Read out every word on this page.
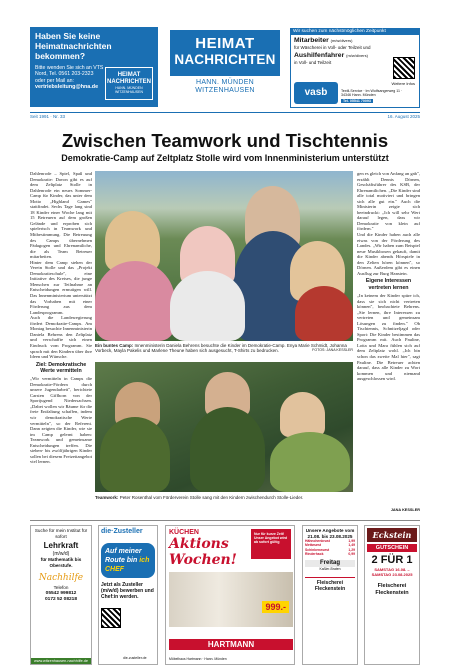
Haben Sie keine Heimatnachrichten bekommen?
Bitte wenden Sie sich an VTS Nord, Tel. 0561 203-2323 oder per Mail an:
vertriebsleitung@hna.de
HEIMAT NACHRICHTEN
HANN. MÜNDEN WITZENHAUSEN
HEIMAT
NACHRICHTEN
HANN. MÜNDEN WITZENHAUSEN
Wir suchen zum nächstmöglichen Zeitpunkt
Mitarbeiter (m/w/divers)
für Wäscherei in Voll- oder Teilzeit und
Aushilfenfahrer (m/w/divers)
in Voll- und Teilzeit
Weitere Infos
vasb	Textil-Service · Im Wolfsangerweg 11 · 34346 Hann. Münden
Tel. 05541 70093
Seit 1991 · Nr. 33	16. August 2025
Zwischen Teamwork und Tischtennis
Demokratie-Camp auf Zeltplatz Stolle wird vom Innenministerium unterstützt

Dahlenrode – Spiel, Spaß und Demokratie: Davon gibt es auf dem Zeltplatz Stolle in Dahlenrode ein neues Sommer-Camp für Kinder, das unter dem Motto „Highland Games" stattfindet. Sechs Tage lang sind 18 Kinder einer Woche lang mit 15 Betreuern auf dem großen Gelände und erproben sich spielerisch in Teamwork und Mitbestimmung. Die Betreuung des Camps übernehmen Pädagogen und Ehrenamtliche, die als Team Betreuer mitarbeiten.

Hinter dem Camp stehen der Verein Stolle und das „Projekt Demokratieschule", eine Initiative des Kreises, die junge Menschen zur Teilnahme an Entscheidungen ermutigen will. Das Innenministerium unterstützt das Vorhaben mit einer Förderung aus dem Landesprogramm.

Auch die Landesregierung fördert Demokratie-Camps. Am Montag besuchte Innenministerin Daniela Behrens den Zeltplatz und verschaffte sich einen Eindruck vom Programm. Sie sprach mit den Kindern über ihre Ideen und Wünsche.

Ziel: Demokratische Werte vermitteln

„Wir vermitteln in Camps die Demokratie-Fördern durch unsere Jugendarbeit", berichtete Carsten Giffhorn von der Sportjugend Niedersachsen. „Dabei wollen wir Räume für die freie Entfaltung schaffen, indem wir demokratische Werte vermitteln", so der Referent. Dann zeigten die Kinder, wie sie im Camp gelernt haben: Teamwork und gemeinsame Entscheidungen treffen. Die sieben- bis zwölfjährigen Kinder sollen bei diesem Freizeitangebot viel lernen.

Ein buntes Camp: Innenministerin Daniela Behrens besuchte die Kinder im Demokratie-Camp. Enya Marie Schmidt, Johanna Vorbeck, Mayla Pakelis und Marlene Theune haben sich ausgesucht, T-Shirts zu bedrucken.	FOTOS: JANA KESSLER
Teamwork: Peter Rosenthal vom Förderverein Stolle sang mit den Kindern zwischendurch Stolle-Lieder.

gen es gleich von Anfang an gab", erzählt Dennis Dörnen, Geschäftsführer des KSB, der Ehrenamtlichen. „Die Kinder sind alle total motiviert und bringen sich alle gut ein." Auch die Ministerin zeigte sich beeindruckt: „Ich will sehr Wert darauf legen, dass wir Demokratie von klein auf fördern."

Und die Kinder haben auch alle etwas von der Förderung des Landes. „Wir haben zum Beispiel neue Musikboxen gekauft, damit die Kinder abends Hörspiele in den Zelten hören können", so Dörnen. Außerdem gibt es einen Ausflug zur Burg Hanstein.

Eigene Interessen vertreten lernen

„In keinem der Kinder spüre ich, dass sie sich nicht vertreten können", beobachtete Behrens. „Sie lernen, ihre Interessen zu vertreten und gemeinsam Lösungen zu finden." Ob Tischtennis, Schnitzeljagd oder Sport: Die Kinder bestimmen das Programm mit. Auch Pauline, Lotta und Mara fühlen sich auf dem Zeltplatz wohl. „Ich bin schon das zweite Mal hier", sagt Pauline. Die Betreuer achten darauf, dass alle Kinder zu Wort kommen und niemand ausgeschlossen wird.

JANA KESSLER
Suche für mein Institut für sofort
Lehrkraft
(m/w/d)
für Mathematik bis Oberstufe.
Nachhilfe
Telefon
05542 999812
0172 52 08218
www.witzenhausen-nachhilfe.de
die·Zusteller
Auf meiner Route bin ich CHEF
Jetzt als Zusteller (m/w/d) bewerben und Chef:in werden.
die-zusteller.de
KÜCHEN
Aktions Wochen!
Nur für kurze Zeit! Unser Angebot wird ab sofort gültig
999.-
HARTMANN
Möbelhaus Hartmann · Hann. Münden
Unsere Angebote vom 21.08. bis 23.08.2025
Hähnchenbrust	1,99
Mettwurst	1,49
Schinkenwurst	1,29
Rinderhack	0,99
Freitag
Kaßler-Braten
Fleischerei Fleckenstein
Eckstein
GUTSCHEIN
2 FÜR 1
SAMSTAG 16.08. – SAMSTAG 23.08.2025
Fleischerei Fleckenstein
